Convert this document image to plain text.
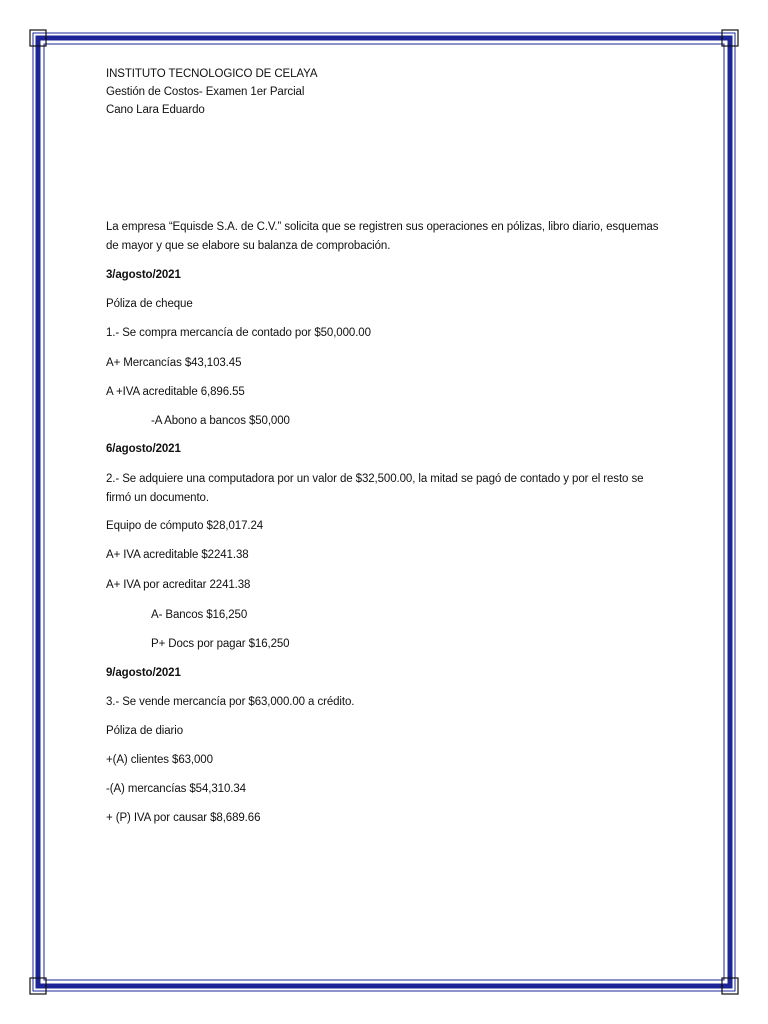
INSTITUTO TECNOLOGICO DE CELAYA
Gestión de Costos- Examen 1er Parcial
Cano Lara Eduardo
La empresa “Equisde S.A. de C.V.” solicita que se registren sus operaciones en pólizas, libro diario, esquemas de mayor y que se elabore su balanza de comprobación.
3/agosto/2021
Póliza de cheque
1.- Se compra mercancía de contado por $50,000.00
A+ Mercancías $43,103.45
A +IVA acreditable 6,896.55
-A Abono a bancos $50,000
6/agosto/2021
2.- Se adquiere una computadora por un valor de $32,500.00, la mitad se pagó de contado y por el resto se firmó un documento.
Equipo de cómputo $28,017.24
A+ IVA acreditable $2241.38
A+ IVA por acreditar 2241.38
A- Bancos $16,250
P+ Docs por pagar $16,250
9/agosto/2021
3.- Se vende mercancía por $63,000.00 a crédito.
Póliza de diario
+(A) clientes $63,000
-(A) mercancías $54,310.34
+ (P) IVA por causar $8,689.66
